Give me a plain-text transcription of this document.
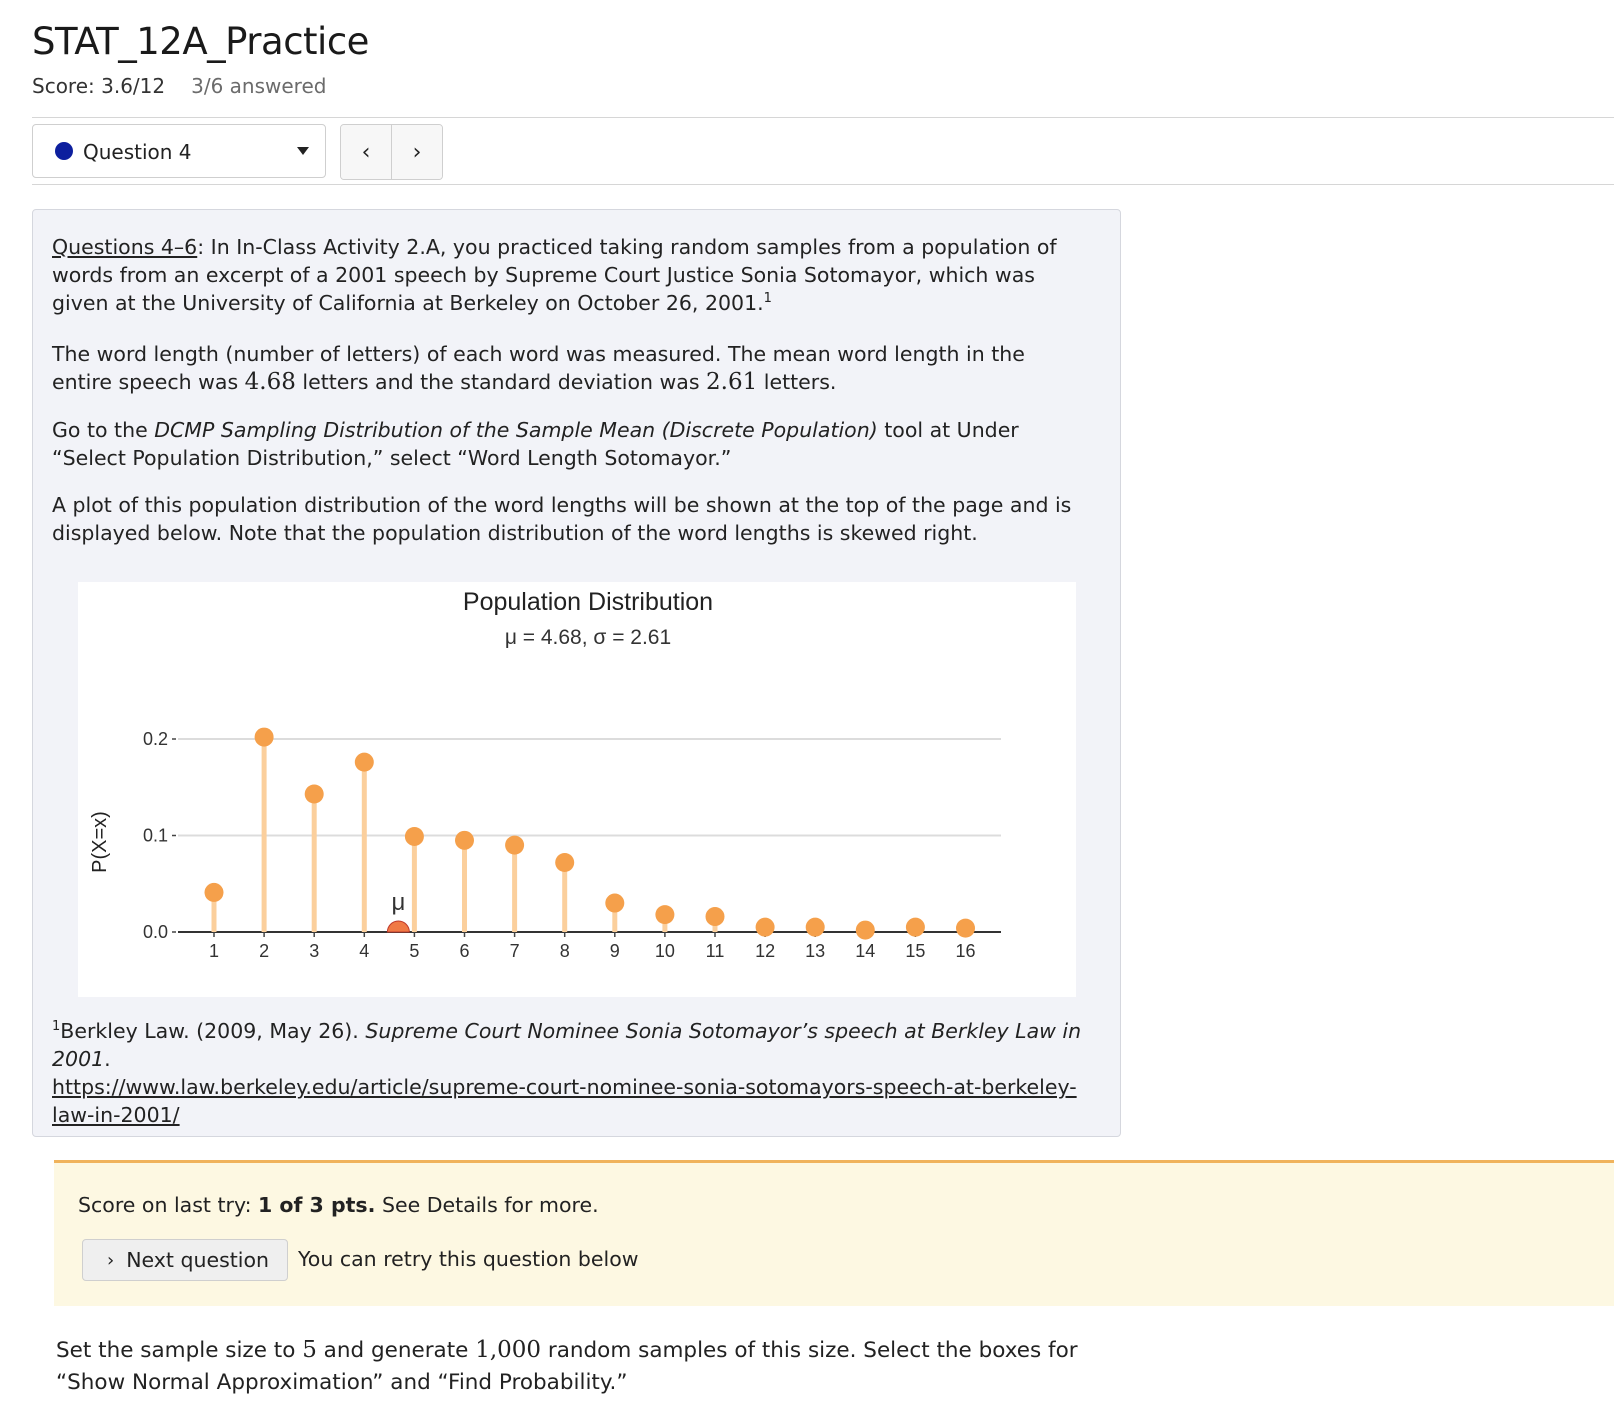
STAT_12A_Practice
Score: 3.6/12 3/6 answered
Question 4	‹ ›
Questions 4–6: In In-Class Activity 2.A, you practiced taking random samples from a population of words from an excerpt of a 2001 speech by Supreme Court Justice Sonia Sotomayor, which was given at the University of California at Berkeley on October 26, 2001.$^1$
The word length (number of letters) of each word was measured. The mean word length in the entire speech was 4.68 letters and the standard deviation was 2.61 letters.
Go to the DCMP Sampling Distribution of the Sample Mean (Discrete Population) tool at Under “Select Population Distribution,” select “Word Length Sotomayor.”
A plot of this population distribution of the word lengths will be shown at the top of the page and is displayed below. Note that the population distribution of the word lengths is skewed right.
Population Distribution
μ = 4.68, σ = 2.61
P(X=x)
0.0
0.1
0.2
1 2 3 4 5 6 7 8 9 10 11 12 13 14 15 16
μ
$^1$Berkley Law. (2009, May 26). Supreme Court Nominee Sonia Sotomayor’s speech at Berkley Law in 2001.
https://www.law.berkeley.edu/article/supreme-court-nominee-sonia-sotomayors-speech-at-berkeley-law-in-2001/
Score on last try: 1 of 3 pts. See Details for more.
› Next question You can retry this question below
Set the sample size to 5 and generate 1,000 random samples of this size. Select the boxes for “Show Normal Approximation” and “Find Probability.”
